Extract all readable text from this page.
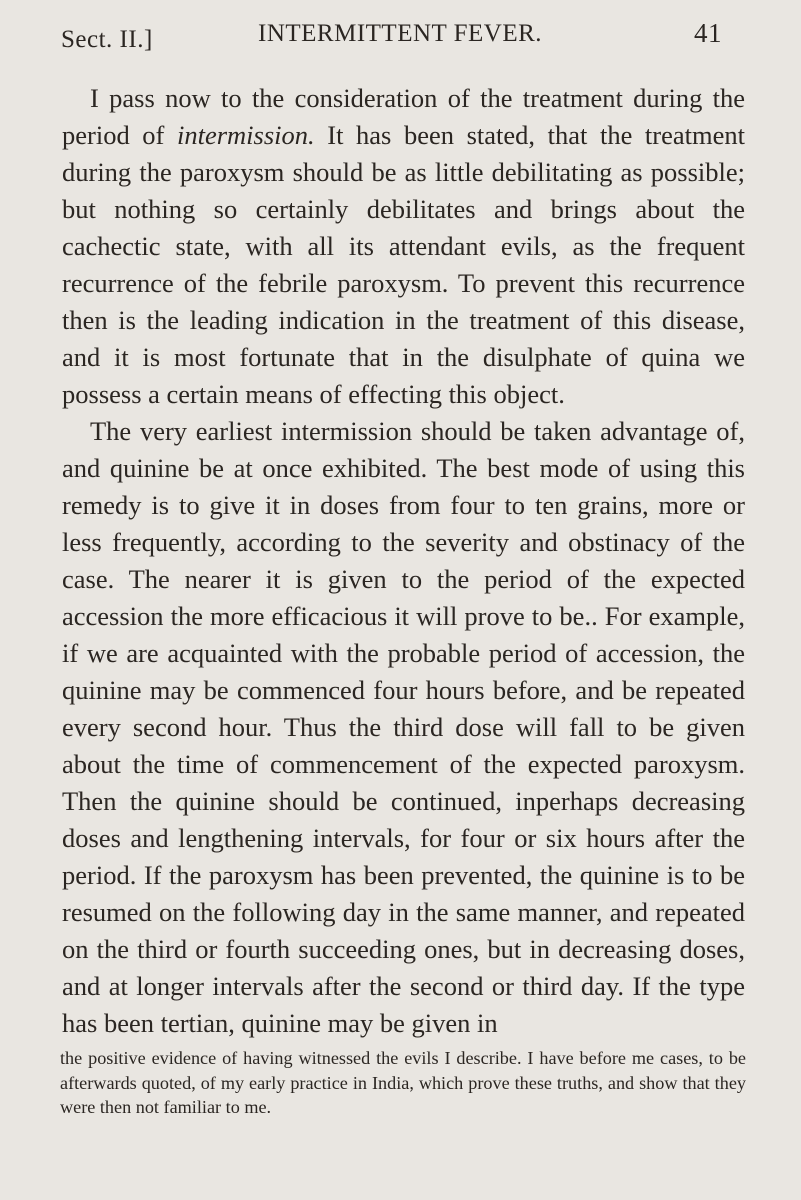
Sect. II.]	INTERMITTENT FEVER.	41

I pass now to the consideration of the treatment during the period of intermission. It has been stated, that the treatment during the paroxysm should be as little debilitating as possible; but nothing so certainly debilitates and brings about the cachectic state, with all its attendant evils, as the frequent recurrence of the febrile paroxysm. To prevent this recurrence then is the leading indication in the treatment of this disease, and it is most fortunate that in the disulphate of quina we possess a certain means of effecting this object.

The very earliest intermission should be taken advantage of, and quinine be at once exhibited. The best mode of using this remedy is to give it in doses from four to ten grains, more or less frequently, according to the severity and obstinacy of the case. The nearer it is given to the period of the expected accession the more efficacious it will prove to be.. For example, if we are acquainted with the probable period of accession, the quinine may be commenced four hours before, and be repeated every second hour. Thus the third dose will fall to be given about the time of commencement of the expected paroxysm. Then the quinine should be continued, inperhaps decreasing doses and lengthening intervals, for four or six hours after the period. If the paroxysm has been prevented, the quinine is to be resumed on the following day in the same manner, and repeated on the third or fourth succeeding ones, but in decreasing doses, and at longer intervals after the second or third day. If the type has been tertian, quinine may be given in

the positive evidence of having witnessed the evils I describe. I have before me cases, to be afterwards quoted, of my early practice in India, which prove these truths, and show that they were then not familiar to me.
